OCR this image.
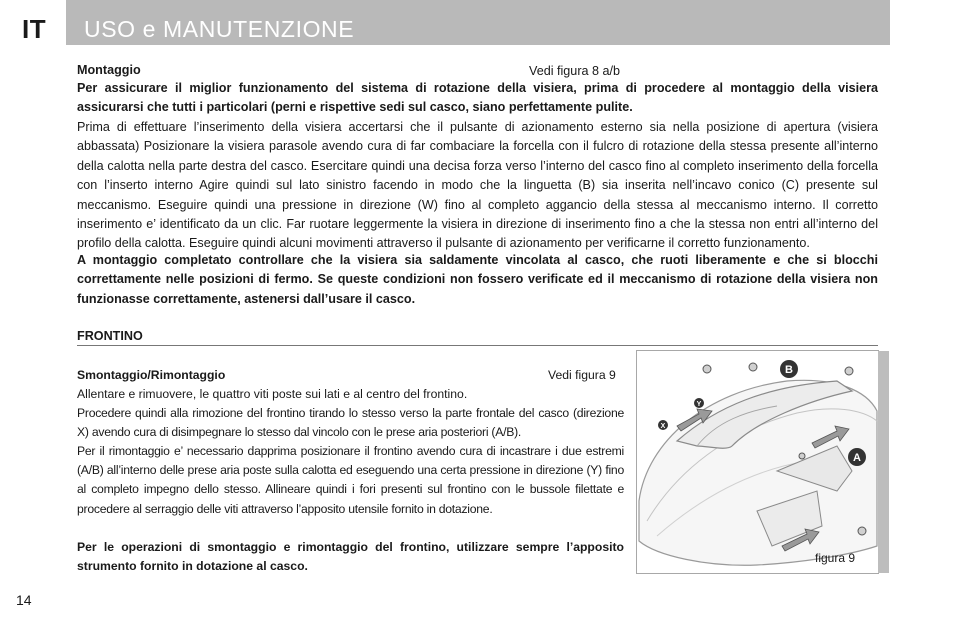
IT USO e MANUTENZIONE
Montaggio	Vedi figura 8 a/b
Per assicurare il miglior funzionamento del sistema di rotazione della visiera, prima di procedere al montaggio della visiera assicurarsi che tutti i particolari (perni e rispettive sedi sul casco, siano perfettamente pulite.
Prima di effettuare l’inserimento della visiera accertarsi che il pulsante di azionamento esterno sia nella posizione di apertura (visiera abbassata) Posizionare la visiera parasole avendo cura di far combaciare la forcella con il fulcro di rotazione della stessa presente all’interno della calotta nella parte destra del casco. Esercitare quindi una decisa forza verso l’interno del casco fino al completo inserimento della forcella con l’inserto interno Agire quindi sul lato sinistro facendo in modo che la linguetta (B) sia inserita nell’incavo conico (C) presente sul meccanismo. Eseguire quindi una pressione in direzione (W) fino al completo aggancio della stessa al meccanismo interno. Il corretto inserimento e’ identificato da un clic. Far ruotare leggermente la visiera in direzione di inserimento fino a che la stessa non entri all’interno del profilo della calotta. Eseguire quindi alcuni movimenti attraverso il pulsante di azionamento per verificarne il corretto funzionamento.
A montaggio completato controllare che la visiera sia saldamente vincolata al casco, che ruoti liberamente e che si blocchi correttamente nelle posizioni di fermo. Se queste condizioni non fossero verificate ed il meccanismo di rotazione della visiera non funzionasse correttamente, astenersi dall’usare il casco.
FRONTINO
Smontaggio/Rimontaggio	Vedi figura 9
Allentare e rimuovere, le quattro viti poste sui lati e al centro del frontino.
Procedere quindi alla rimozione del frontino tirando lo stesso verso la parte frontale del casco (direzione X) avendo cura di disimpegnare lo stesso dal vincolo con le prese aria posteriori (A/B).
Per il rimontaggio e’ necessario dapprima posizionare il frontino avendo cura di incastrare i due estremi (A/B) all’interno delle prese aria poste sulla calotta ed eseguendo una certa pressione in direzione (Y) fino al completo impegno dello stesso. Allineare quindi i fori presenti sul frontino con le bussole filettate e procedere al serraggio delle viti attraverso l’apposito utensile fornito in dotazione.
Per le operazioni di smontaggio e rimontaggio del frontino, utilizzare sempre l’apposito strumento fornito in dotazione al casco.
B
A
X
Y
figura 9
14
